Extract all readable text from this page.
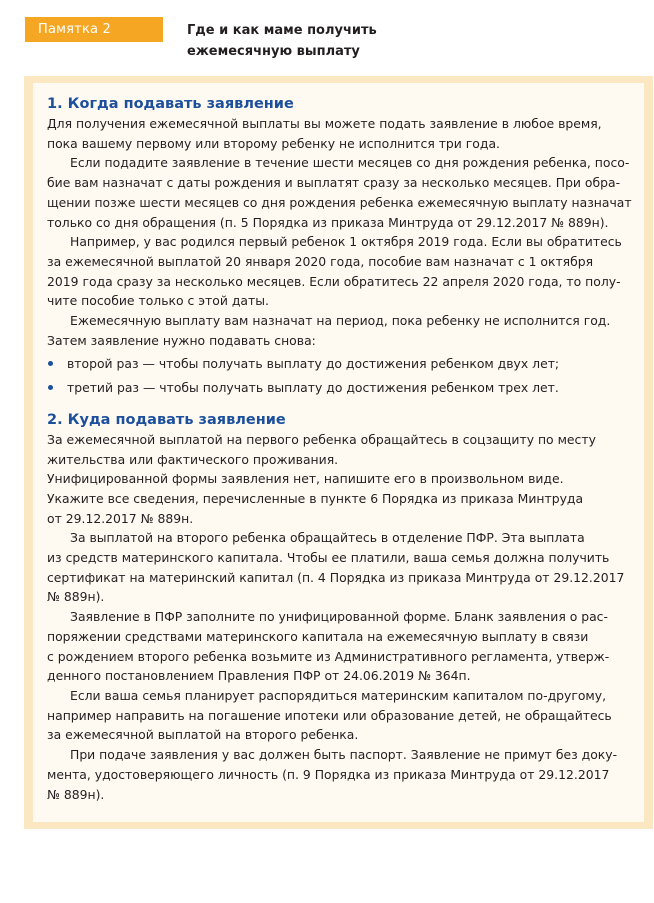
Памятка 2	Где и как маме получить
ежемесячную выплату
1. Когда подавать заявление

Для получения ежемесячной выплаты вы можете подать заявление в любое время,

пока вашему первому или второму ребенку не исполнится три года.

Если подадите заявление в течение шести месяцев со дня рождения ребенка, посо-

бие вам назначат с даты рождения и выплатят сразу за несколько месяцев. При обра-

щении позже шести месяцев со дня рождения ребенка ежемесячную выплату назначат

только со дня обращения (п. 5 Порядка из приказа Минтруда от 29.12.2017 № 889н).

Например, у вас родился первый ребенок 1 октября 2019 года. Если вы обратитесь

за ежемесячной выплатой 20 января 2020 года, пособие вам назначат с 1 октября

2019 года сразу за несколько месяцев. Если обратитесь 22 апреля 2020 года, то полу-

чите пособие только с этой даты.

Ежемесячную выплату вам назначат на период, пока ребенку не исполнится год.

Затем заявление нужно подавать снова:

второй раз — чтобы получать выплату до достижения ребенком двух лет;
третий раз — чтобы получать выплату до достижения ребенком трех лет.
2. Куда подавать заявление

За ежемесячной выплатой на первого ребенка обращайтесь в соцзащиту по месту

жительства или фактического проживания.

Унифицированной формы заявления нет, напишите его в произвольном виде.

Укажите все сведения, перечисленные в пункте 6 Порядка из приказа Минтруда

от 29.12.2017 № 889н.

За выплатой на второго ребенка обращайтесь в отделение ПФР. Эта выплата

из средств материнского капитала. Чтобы ее платили, ваша семья должна получить

сертификат на материнский капитал (п. 4 Порядка из приказа Минтруда от 29.12.2017

№ 889н).

Заявление в ПФР заполните по унифицированной форме. Бланк заявления о рас-

поряжении средствами материнского капитала на ежемесячную выплату в связи

с рождением второго ребенка возьмите из Административного регламента, утверж-

денного постановлением Правления ПФР от 24.06.2019 № 364п.

Если ваша семья планирует распорядиться материнским капиталом по-другому,

например направить на погашение ипотеки или образование детей, не обращайтесь

за ежемесячной выплатой на второго ребенка.

При подаче заявления у вас должен быть паспорт. Заявление не примут без доку-

мента, удостоверяющего личность (п. 9 Порядка из приказа Минтруда от 29.12.2017

№ 889н).
